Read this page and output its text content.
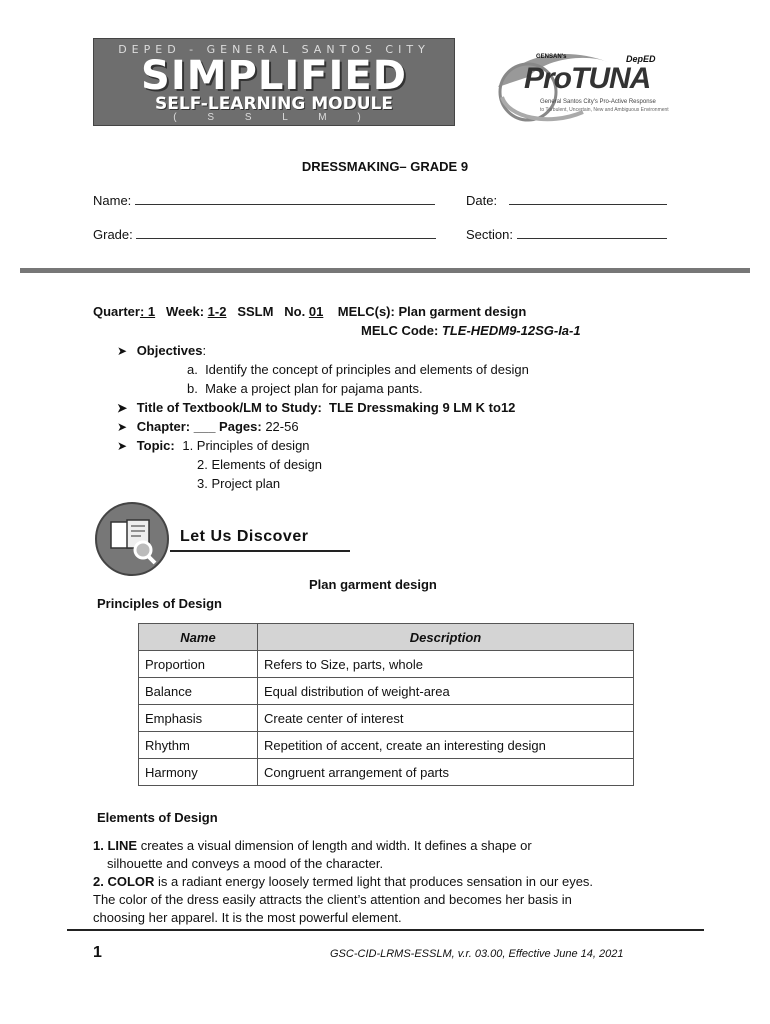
DEPED - GENERAL SANTOS CITY
SIMPLIFIED
SELF-LEARNING MODULE
( S S L M )
GENSAN's	DepED
ProTUNA
General Santos City's Pro-Active Response
to Turbulent, Uncertain, New and Ambiguous Environment
DRESSMAKING– GRADE 9
Name:	Date:
Grade:	Section:
Quarter: 1 Week: 1-2 SSLM No. 01 MELC(s): Plan garment design
MELC Code: TLE-HEDM9-12SG-Ia-1
➤ Objectives:
a.  Identify the concept of principles and elements of design
b.  Make a project plan for pajama pants.
➤ Title of Textbook/LM to Study:  TLE Dressmaking 9 LM K to12
➤ Chapter: ___ Pages: 22-56
➤ Topic: 1. Principles of design
2. Elements of design
3. Project plan
Let Us Discover
Plan garment design
Principles of Design
Name	Description
Proportion	Refers to Size, parts, whole
Balance	Equal distribution of weight-area
Emphasis	Create center of interest
Rhythm	Repetition of accent, create an interesting design
Harmony	Congruent arrangement of parts
Elements of Design
1. LINE creates a visual dimension of length and width. It defines a shape or
silhouette and conveys a mood of the character.
2. COLOR is a radiant energy loosely termed light that produces sensation in our eyes.
The color of the dress easily attracts the client’s attention and becomes her basis in
choosing her apparel. It is the most powerful element.
1	GSC-CID-LRMS-ESSLM, v.r. 03.00, Effective June 14, 2021
